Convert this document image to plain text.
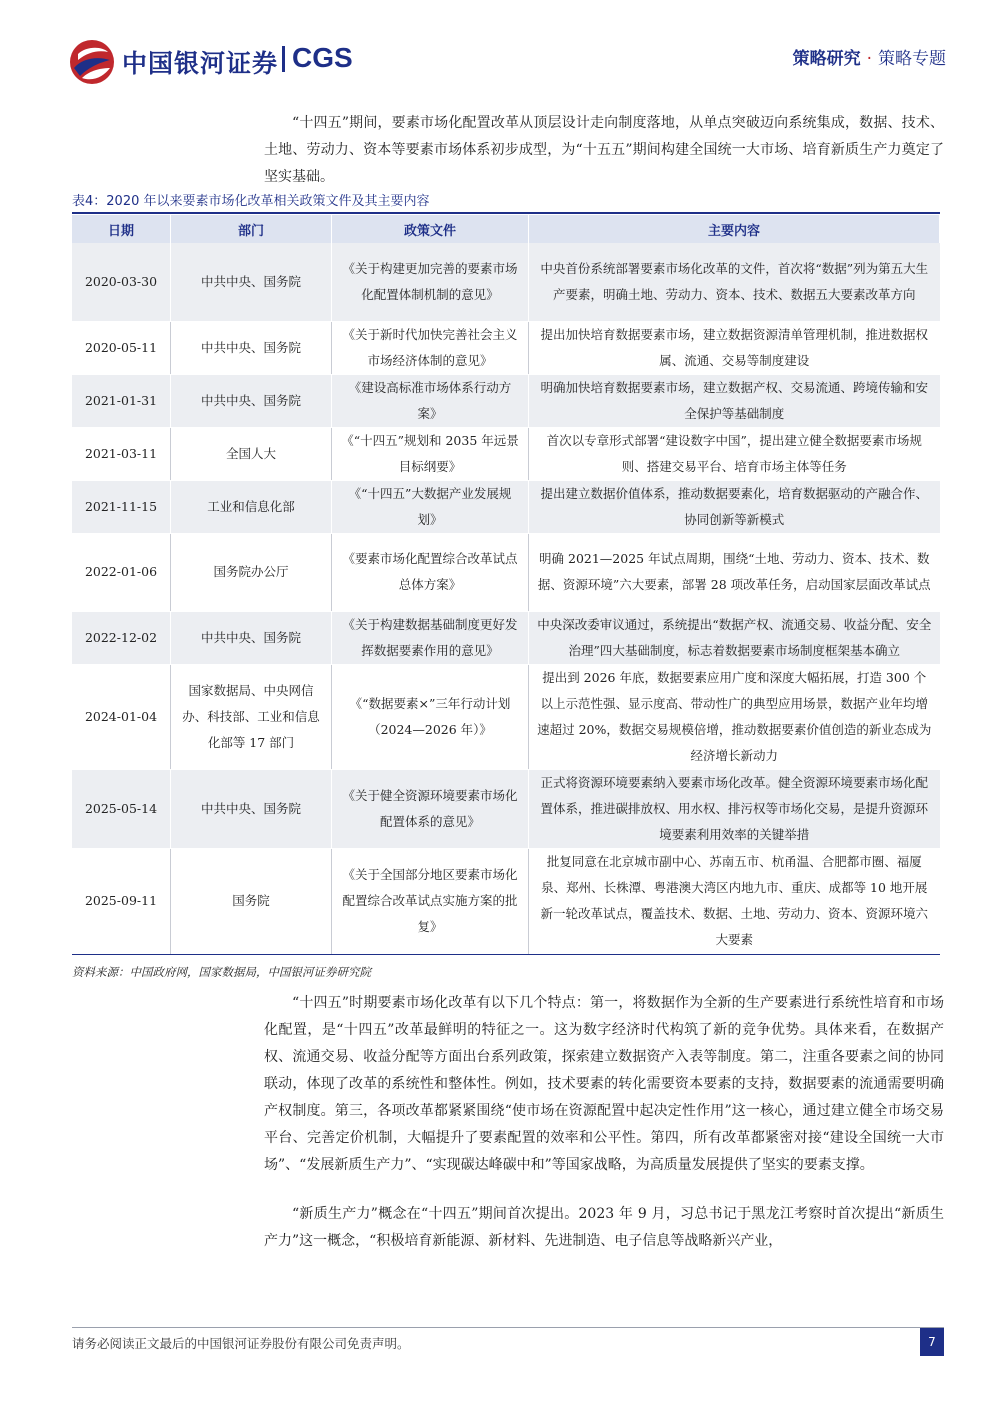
中国银河证券 CGS	策略研究 · 策略专题
“十四五”期间，要素市场化配置改革从顶层设计走向制度落地，从单点突破迈向系统集成，数据、技术、土地、劳动力、资本等要素市场体系初步成型，为“十五五”期间构建全国统一大市场、培育新质生产力奠定了坚实基础。
表4：2020 年以来要素市场化改革相关政策文件及其主要内容
日期	部门	政策文件	主要内容
2020-03-30	中共中央、国务院	《关于构建更加完善的要素市场化配置体制机制的意见》	中央首份系统部署要素市场化改革的文件，首次将“数据”列为第五大生产要素，明确土地、劳动力、资本、技术、数据五大要素改革方向
2020-05-11	中共中央、国务院	《关于新时代加快完善社会主义市场经济体制的意见》	提出加快培育数据要素市场，建立数据资源清单管理机制，推进数据权属、流通、交易等制度建设
2021-01-31	中共中央、国务院	《建设高标准市场体系行动方案》	明确加快培育数据要素市场，建立数据产权、交易流通、跨境传输和安全保护等基础制度
2021-03-11	全国人大	《“十四五”规划和 2035 年远景目标纲要》	首次以专章形式部署“建设数字中国”，提出建立健全数据要素市场规则、搭建交易平台、培育市场主体等任务
2021-11-15	工业和信息化部	《“十四五”大数据产业发展规划》	提出建立数据价值体系，推动数据要素化，培育数据驱动的产融合作、协同创新等新模式
2022-01-06	国务院办公厅	《要素市场化配置综合改革试点总体方案》	明确 2021—2025 年试点周期，围绕“土地、劳动力、资本、技术、数据、资源环境”六大要素，部署 28 项改革任务，启动国家层面改革试点
2022-12-02	中共中央、国务院	《关于构建数据基础制度更好发挥数据要素作用的意见》	中央深改委审议通过，系统提出“数据产权、流通交易、收益分配、安全治理”四大基础制度，标志着数据要素市场制度框架基本确立
2024-01-04	国家数据局、中央网信办、科技部、工业和信息化部等 17 部门	《“数据要素×”三年行动计划（2024—2026 年）》	提出到 2026 年底，数据要素应用广度和深度大幅拓展，打造 300 个以上示范性强、显示度高、带动性广的典型应用场景，数据产业年均增速超过 20%，数据交易规模倍增，推动数据要素价值创造的新业态成为经济增长新动力
2025-05-14	中共中央、国务院	《关于健全资源环境要素市场化配置体系的意见》	正式将资源环境要素纳入要素市场化改革。健全资源环境要素市场化配置体系，推进碳排放权、用水权、排污权等市场化交易，是提升资源环境要素利用效率的关键举措
2025-09-11	国务院	《关于全国部分地区要素市场化配置综合改革试点实施方案的批复》	批复同意在北京城市副中心、苏南五市、杭甬温、合肥都市圈、福厦泉、郑州、长株潭、粤港澳大湾区内地九市、重庆、成都等 10 地开展新一轮改革试点，覆盖技术、数据、土地、劳动力、资本、资源环境六大要素
资料来源：中国政府网，国家数据局，中国银河证券研究院
“十四五”时期要素市场化改革有以下几个特点：第一，将数据作为全新的生产要素进行系统性培育和市场化配置，是“十四五”改革最鲜明的特征之一。这为数字经济时代构筑了新的竞争优势。具体来看，在数据产权、流通交易、收益分配等方面出台系列政策，探索建立数据资产入表等制度。第二，注重各要素之间的协同联动，体现了改革的系统性和整体性。例如，技术要素的转化需要资本要素的支持，数据要素的流通需要明确产权制度。第三，各项改革都紧紧围绕“使市场在资源配置中起决定性作用”这一核心，通过建立健全市场交易平台、完善定价机制，大幅提升了要素配置的效率和公平性。第四，所有改革都紧密对接“建设全国统一大市场”、“发展新质生产力”、“实现碳达峰碳中和”等国家战略，为高质量发展提供了坚实的要素支撑。
“新质生产力”概念在“十四五”期间首次提出。2023 年 9 月，习总书记于黑龙江考察时首次提出“新质生产力”这一概念，“积极培育新能源、新材料、先进制造、电子信息等战略新兴产业，
请务必阅读正文最后的中国银河证券股份有限公司免责声明。	7
